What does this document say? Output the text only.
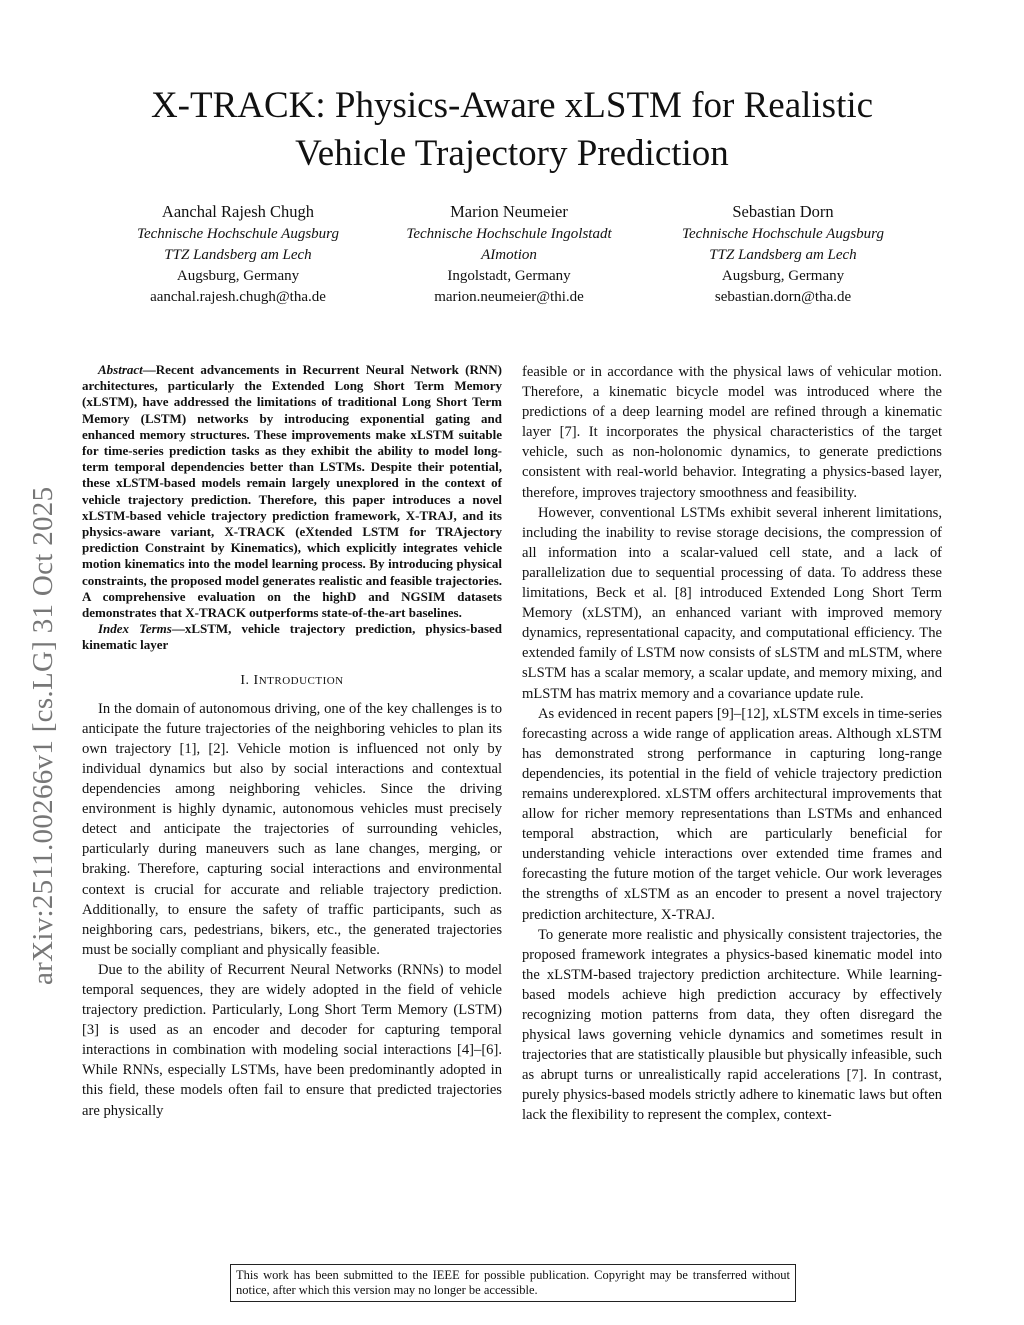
X-TRACK: Physics-Aware xLSTM for Realistic
Vehicle Trajectory Prediction
Aanchal Rajesh Chugh
Technische Hochschule Augsburg
TTZ Landsberg am Lech
Augsburg, Germany
aanchal.rajesh.chugh@tha.de
Marion Neumeier
Technische Hochschule Ingolstadt
AImotion
Ingolstadt, Germany
marion.neumeier@thi.de
Sebastian Dorn
Technische Hochschule Augsburg
TTZ Landsberg am Lech
Augsburg, Germany
sebastian.dorn@tha.de
arXiv:2511.00266v1 [cs.LG] 31 Oct 2025

Abstract—Recent advancements in Recurrent Neural Network (RNN) architectures, particularly the Extended Long Short Term Memory (xLSTM), have addressed the limitations of traditional Long Short Term Memory (LSTM) networks by introducing exponential gating and enhanced memory structures. These improvements make xLSTM suitable for time-series prediction tasks as they exhibit the ability to model long-term temporal dependencies better than LSTMs. Despite their potential, these xLSTM-based models remain largely unexplored in the context of vehicle trajectory prediction. Therefore, this paper introduces a novel xLSTM-based vehicle trajectory prediction framework, X-TRAJ, and its physics-aware variant, X-TRACK (eXtended LSTM for TRAjectory prediction Constraint by Kinematics), which explicitly integrates vehicle motion kinematics into the model learning process. By introducing physical constraints, the proposed model generates realistic and feasible trajectories. A comprehensive evaluation on the highD and NGSIM datasets demonstrates that X-TRACK outperforms state-of-the-art baselines.

Index Terms—xLSTM, vehicle trajectory prediction, physics-based kinematic layer

I. INTRODUCTION

In the domain of autonomous driving, one of the key challenges is to anticipate the future trajectories of the neighboring vehicles to plan its own trajectory [1], [2]. Vehicle motion is influenced not only by individual dynamics but also by social interactions and contextual dependencies among neighboring vehicles. Since the driving environment is highly dynamic, autonomous vehicles must precisely detect and anticipate the trajectories of surrounding vehicles, particularly during maneuvers such as lane changes, merging, or braking. Therefore, capturing social interactions and environmental context is crucial for accurate and reliable trajectory prediction. Additionally, to ensure the safety of traffic participants, such as neighboring cars, pedestrians, bikers, etc., the generated trajectories must be socially compliant and physically feasible.

Due to the ability of Recurrent Neural Networks (RNNs) to model temporal sequences, they are widely adopted in the field of vehicle trajectory prediction. Particularly, Long Short Term Memory (LSTM) [3] is used as an encoder and decoder for capturing temporal interactions in combination with modeling social interactions [4]–[6]. While RNNs, especially LSTMs, have been predominantly adopted in this field, these models often fail to ensure that predicted trajectories are physically

feasible or in accordance with the physical laws of vehicular motion. Therefore, a kinematic bicycle model was introduced where the predictions of a deep learning model are refined through a kinematic layer [7]. It incorporates the physical characteristics of the target vehicle, such as non-holonomic dynamics, to generate predictions consistent with real-world behavior. Integrating a physics-based layer, therefore, improves trajectory smoothness and feasibility.

However, conventional LSTMs exhibit several inherent limitations, including the inability to revise storage decisions, the compression of all information into a scalar-valued cell state, and a lack of parallelization due to sequential processing of data. To address these limitations, Beck et al. [8] introduced Extended Long Short Term Memory (xLSTM), an enhanced variant with improved memory dynamics, representational capacity, and computational efficiency. The extended family of LSTM now consists of sLSTM and mLSTM, where sLSTM has a scalar memory, a scalar update, and memory mixing, and mLSTM has matrix memory and a covariance update rule.

As evidenced in recent papers [9]–[12], xLSTM excels in time-series forecasting across a wide range of application areas. Although xLSTM has demonstrated strong performance in capturing long-range dependencies, its potential in the field of vehicle trajectory prediction remains underexplored. xLSTM offers architectural improvements that allow for richer memory representations than LSTMs and enhanced temporal abstraction, which are particularly beneficial for understanding vehicle interactions over extended time frames and forecasting the future motion of the target vehicle. Our work leverages the strengths of xLSTM as an encoder to present a novel trajectory prediction architecture, X-TRAJ.

To generate more realistic and physically consistent trajectories, the proposed framework integrates a physics-based kinematic model into the xLSTM-based trajectory prediction architecture. While learning-based models achieve high prediction accuracy by effectively recognizing motion patterns from data, they often disregard the physical laws governing vehicle dynamics and sometimes result in trajectories that are statistically plausible but physically infeasible, such as abrupt turns or unrealistically rapid accelerations [7]. In contrast, purely physics-based models strictly adhere to kinematic laws but often lack the flexibility to represent the complex, context-

This work has been submitted to the IEEE for possible publication. Copyright may be transferred without notice, after which this version may no longer be accessible.
